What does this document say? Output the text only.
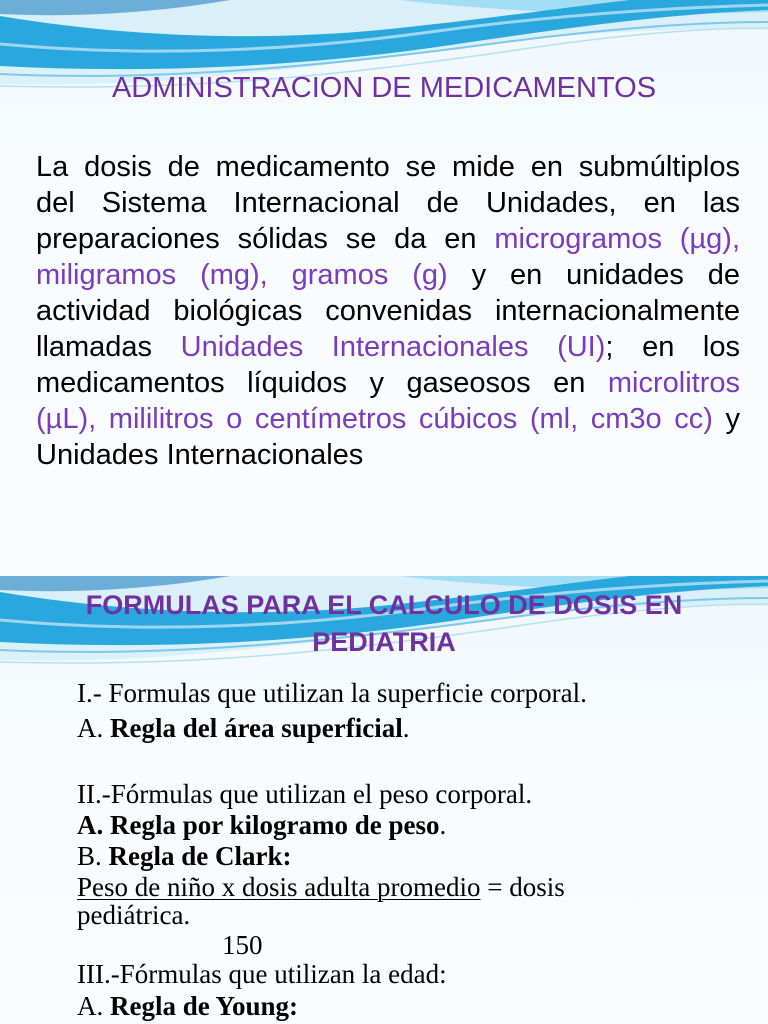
ADMINISTRACION DE MEDICAMENTOS
La dosis de medicamento se mide en submúltiplos
del Sistema Internacional de Unidades, en las
preparaciones sólidas se da en microgramos (µg),
miligramos (mg), gramos (g) y en unidades de
actividad biológicas convenidas internacionalmente
llamadas Unidades Internacionales (UI); en los
medicamentos líquidos y gaseosos en microlitros
(µL), mililitros o centímetros cúbicos (ml, cm3o cc) y
Unidades Internacionales
FORMULAS PARA EL CALCULO DE DOSIS EN
PEDIATRIA
I.- Formulas que utilizan la superficie corporal.
A. Regla del área superficial.
II.-Fórmulas que utilizan el peso corporal.
A. Regla por kilogramo de peso.
B. Regla de Clark:
Peso de niño x dosis adulta promedio = dosis
pediátrica.
150
III.-Fórmulas que utilizan la edad:
A. Regla de Young:
